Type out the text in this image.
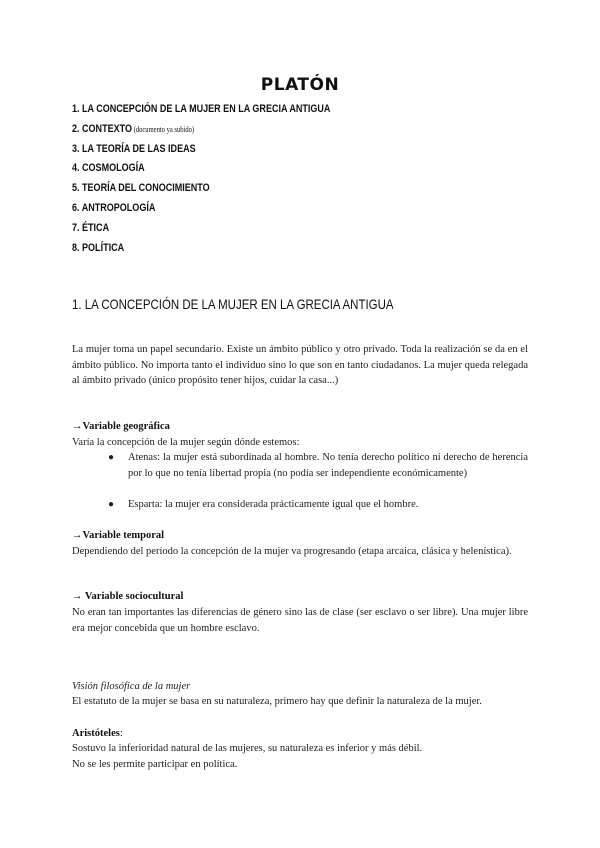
PLATÓN
1. LA CONCEPCIÓN DE LA MUJER EN LA GRECIA ANTIGUA
2. CONTEXTO (documento ya subido)
3. LA TEORÍA DE LAS IDEAS
4. COSMOLOGÍA
5. TEORÍA DEL CONOCIMIENTO
6. ANTROPOLOGÍA
7. ÉTICA
8. POLÍTICA
1. LA CONCEPCIÓN DE LA MUJER EN LA GRECIA ANTIGUA
La mujer toma un papel secundario. Existe un ámbito público y otro privado. Toda la realización se da en el ámbito público. No importa tanto el individuo sino lo que son en tanto ciudadanos. La mujer queda relegada al ámbito privado (único propósito tener hijos, cuidar la casa...)
→Variable geográfica
Varía la concepción de la mujer según dónde estemos:
● Atenas: la mujer está subordinada al hombre. No tenía derecho político ni derecho de herencia por lo que no tenía libertad propia (no podía ser independiente económicamente)
● Esparta: la mujer era considerada prácticamente igual que el hombre.
→Variable temporal
Dependiendo del período la concepción de la mujer va progresando (etapa arcaica, clásica y helenística).
→ Variable sociocultural
No eran tan importantes las diferencias de género sino las de clase (ser esclavo o ser libre). Una mujer libre era mejor concebida que un hombre esclavo.
Visión filosófica de la mujer
El estatuto de la mujer se basa en su naturaleza, primero hay que definir la naturaleza de la mujer.
Aristóteles:
Sostuvo la inferioridad natural de las mujeres, su naturaleza es inferior y más débil.
No se les permite participar en política.
